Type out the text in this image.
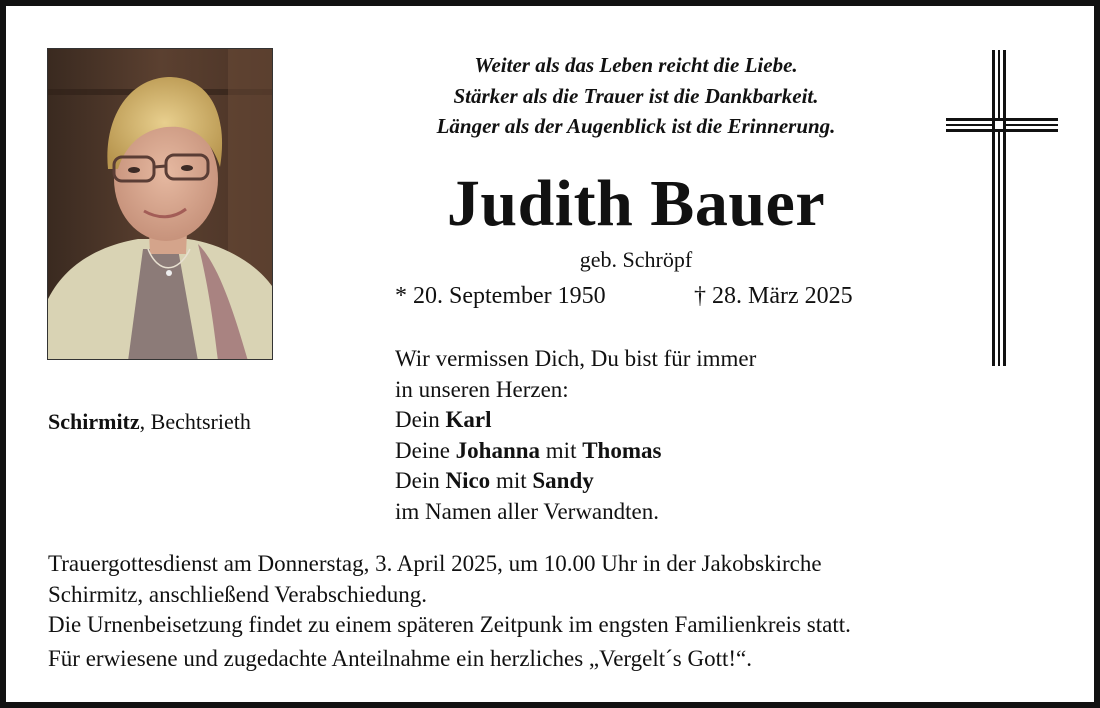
Weiter als das Leben reicht die Liebe.
Stärker als die Trauer ist die Dankbarkeit.
Länger als der Augenblick ist die Erinnerung.
Judith Bauer
geb. Schröpf
* 20. September 1950	† 28. März 2025
Schirmitz, Bechtsrieth
Wir vermissen Dich, Du bist für immer
in unseren Herzen:
Dein Karl
Deine Johanna mit Thomas
Dein Nico mit Sandy
im Namen aller Verwandten.
Trauergottesdienst am Donnerstag, 3. April 2025, um 10.00 Uhr in der Jakobskirche
Schirmitz, anschließend Verabschiedung.
Die Urnenbeisetzung findet zu einem späteren Zeitpunk im engsten Familienkreis statt.
Für erwiesene und zugedachte Anteilnahme ein herzliches „Vergelt´s Gott!“.
